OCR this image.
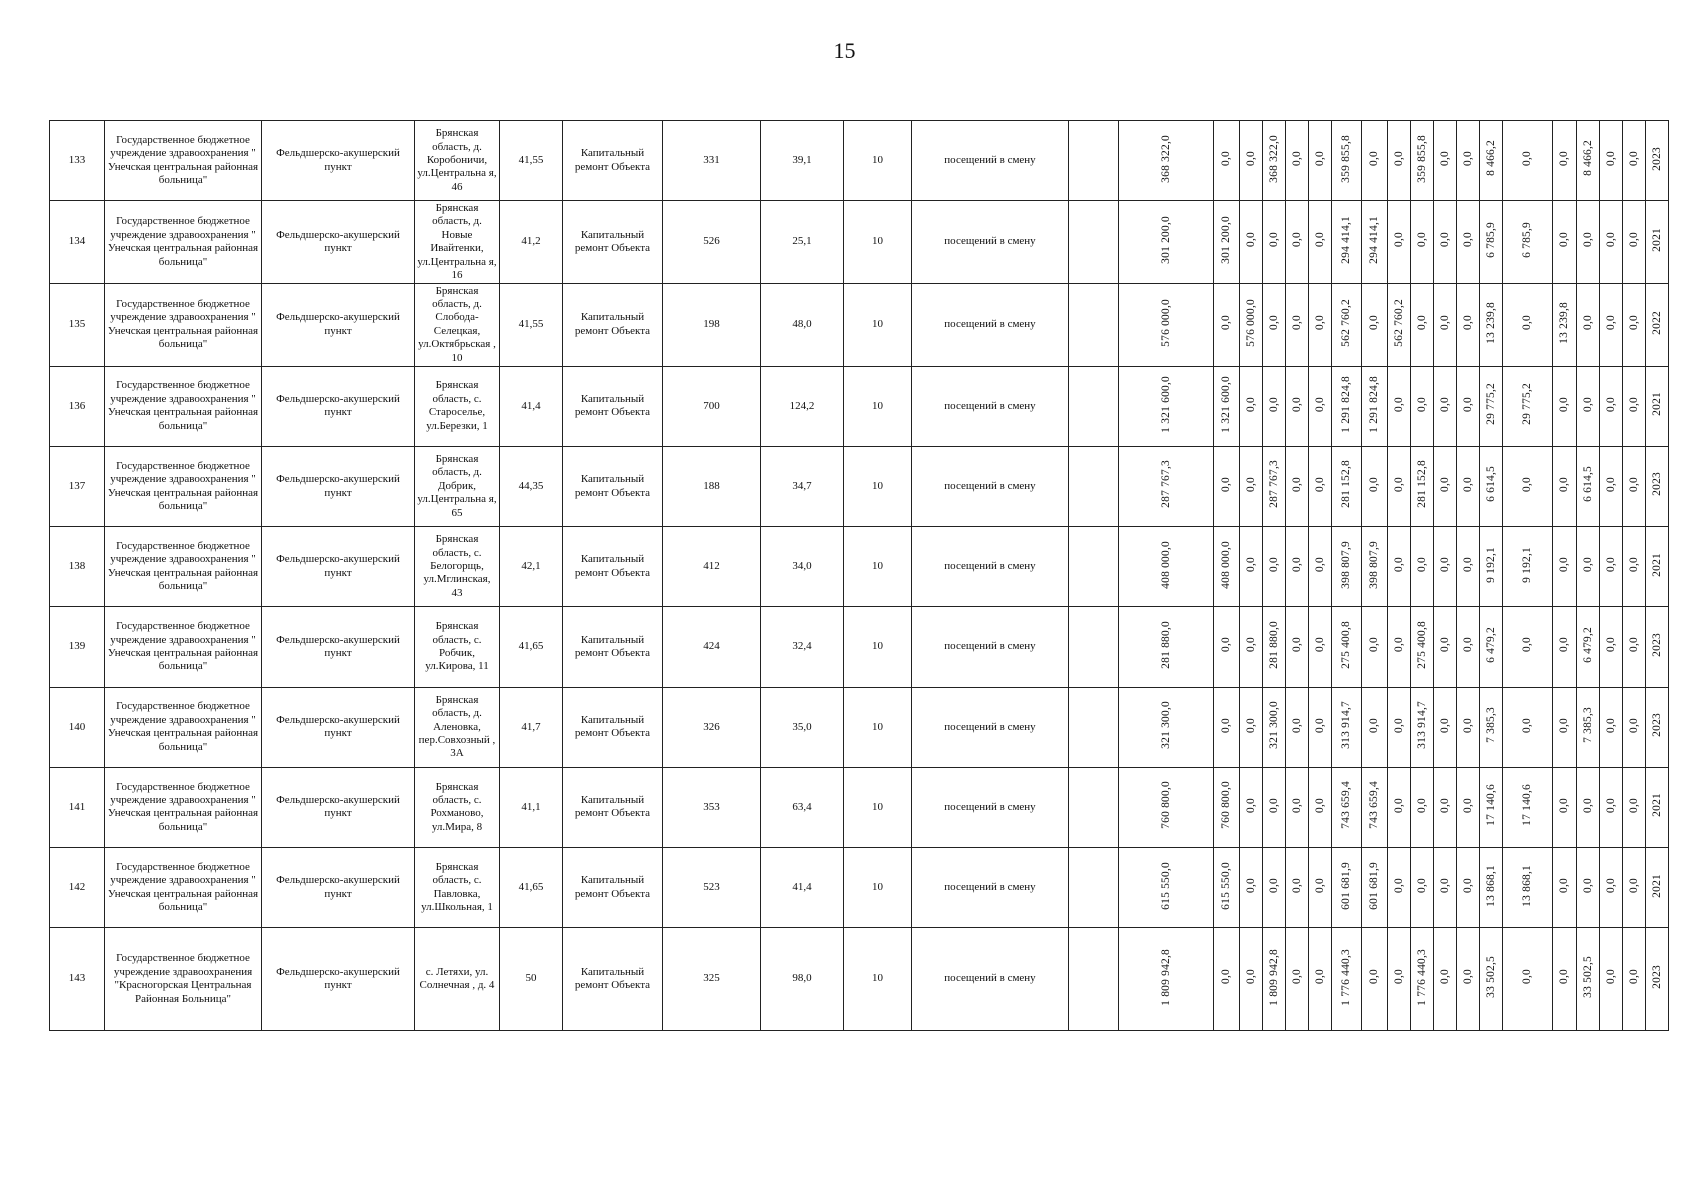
15
133	Государственное бюджетное учреждение здравоохранения " Унечская центральная районная больница"	Фельдшерско-акушерский пункт	Брянская область, д. Коробоничи, ул.Центральна я, 46	41,55	Капитальный ремонт Объекта	331	39,1	10	посещений в смену		368 322,0	0,0	0,0	368 322,0	0,0	0,0	359 855,8	0,0	0,0	359 855,8	0,0	0,0	8 466,2	0,0	0,0	8 466,2	0,0	0,0	2023
134	Государственное бюджетное учреждение здравоохранения " Унечская центральная районная больница"	Фельдшерско-акушерский пункт	Брянская область, д. Новые Ивайтенки, ул.Центральна я, 16	41,2	Капитальный ремонт Объекта	526	25,1	10	посещений в смену		301 200,0	301 200,0	0,0	0,0	0,0	0,0	294 414,1	294 414,1	0,0	0,0	0,0	0,0	6 785,9	6 785,9	0,0	0,0	0,0	0,0	2021
135	Государственное бюджетное учреждение здравоохранения " Унечская центральная районная больница"	Фельдшерско-акушерский пункт	Брянская область, д. Слобода-Селецкая, ул.Октябрьская , 10	41,55	Капитальный ремонт Объекта	198	48,0	10	посещений в смену		576 000,0	0,0	576 000,0	0,0	0,0	0,0	562 760,2	0,0	562 760,2	0,0	0,0	0,0	13 239,8	0,0	13 239,8	0,0	0,0	0,0	2022
136	Государственное бюджетное учреждение здравоохранения " Унечская центральная районная больница"	Фельдшерско-акушерский пункт	Брянская область, с. Староселье, ул.Березки, 1	41,4	Капитальный ремонт Объекта	700	124,2	10	посещений в смену		1 321 600,0	1 321 600,0	0,0	0,0	0,0	0,0	1 291 824,8	1 291 824,8	0,0	0,0	0,0	0,0	29 775,2	29 775,2	0,0	0,0	0,0	0,0	2021
137	Государственное бюджетное учреждение здравоохранения " Унечская центральная районная больница"	Фельдшерско-акушерский пункт	Брянская область, д. Добрик, ул.Центральна я, 65	44,35	Капитальный ремонт Объекта	188	34,7	10	посещений в смену		287 767,3	0,0	0,0	287 767,3	0,0	0,0	281 152,8	0,0	0,0	281 152,8	0,0	0,0	6 614,5	0,0	0,0	6 614,5	0,0	0,0	2023
138	Государственное бюджетное учреждение здравоохранения " Унечская центральная районная больница"	Фельдшерско-акушерский пункт	Брянская область, с. Белогорщь, ул.Мглинская, 43	42,1	Капитальный ремонт Объекта	412	34,0	10	посещений в смену		408 000,0	408 000,0	0,0	0,0	0,0	0,0	398 807,9	398 807,9	0,0	0,0	0,0	0,0	9 192,1	9 192,1	0,0	0,0	0,0	0,0	2021
139	Государственное бюджетное учреждение здравоохранения " Унечская центральная районная больница"	Фельдшерско-акушерский пункт	Брянская область, с. Робчик, ул.Кирова, 11	41,65	Капитальный ремонт Объекта	424	32,4	10	посещений в смену		281 880,0	0,0	0,0	281 880,0	0,0	0,0	275 400,8	0,0	0,0	275 400,8	0,0	0,0	6 479,2	0,0	0,0	6 479,2	0,0	0,0	2023
140	Государственное бюджетное учреждение здравоохранения " Унечская центральная районная больница"	Фельдшерско-акушерский пункт	Брянская область, д. Аленовка, пер.Совхозный , 3А	41,7	Капитальный ремонт Объекта	326	35,0	10	посещений в смену		321 300,0	0,0	0,0	321 300,0	0,0	0,0	313 914,7	0,0	0,0	313 914,7	0,0	0,0	7 385,3	0,0	0,0	7 385,3	0,0	0,0	2023
141	Государственное бюджетное учреждение здравоохранения " Унечская центральная районная больница"	Фельдшерско-акушерский пункт	Брянская область, с. Рохманово, ул.Мира, 8	41,1	Капитальный ремонт Объекта	353	63,4	10	посещений в смену		760 800,0	760 800,0	0,0	0,0	0,0	0,0	743 659,4	743 659,4	0,0	0,0	0,0	0,0	17 140,6	17 140,6	0,0	0,0	0,0	0,0	2021
142	Государственное бюджетное учреждение здравоохранения " Унечская центральная районная больница"	Фельдшерско-акушерский пункт	Брянская область, с. Павловка, ул.Школьная, 1	41,65	Капитальный ремонт Объекта	523	41,4	10	посещений в смену		615 550,0	615 550,0	0,0	0,0	0,0	0,0	601 681,9	601 681,9	0,0	0,0	0,0	0,0	13 868,1	13 868,1	0,0	0,0	0,0	0,0	2021
143	Государственное бюджетное учреждение здравоохранения "Красногорская Центральная Районная Больница"	Фельдшерско-акушерский пункт	с. Летяхи, ул. Солнечная , д. 4	50	Капитальный ремонт Объекта	325	98,0	10	посещений в смену		1 809 942,8	0,0	0,0	1 809 942,8	0,0	0,0	1 776 440,3	0,0	0,0	1 776 440,3	0,0	0,0	33 502,5	0,0	0,0	33 502,5	0,0	0,0	2023
